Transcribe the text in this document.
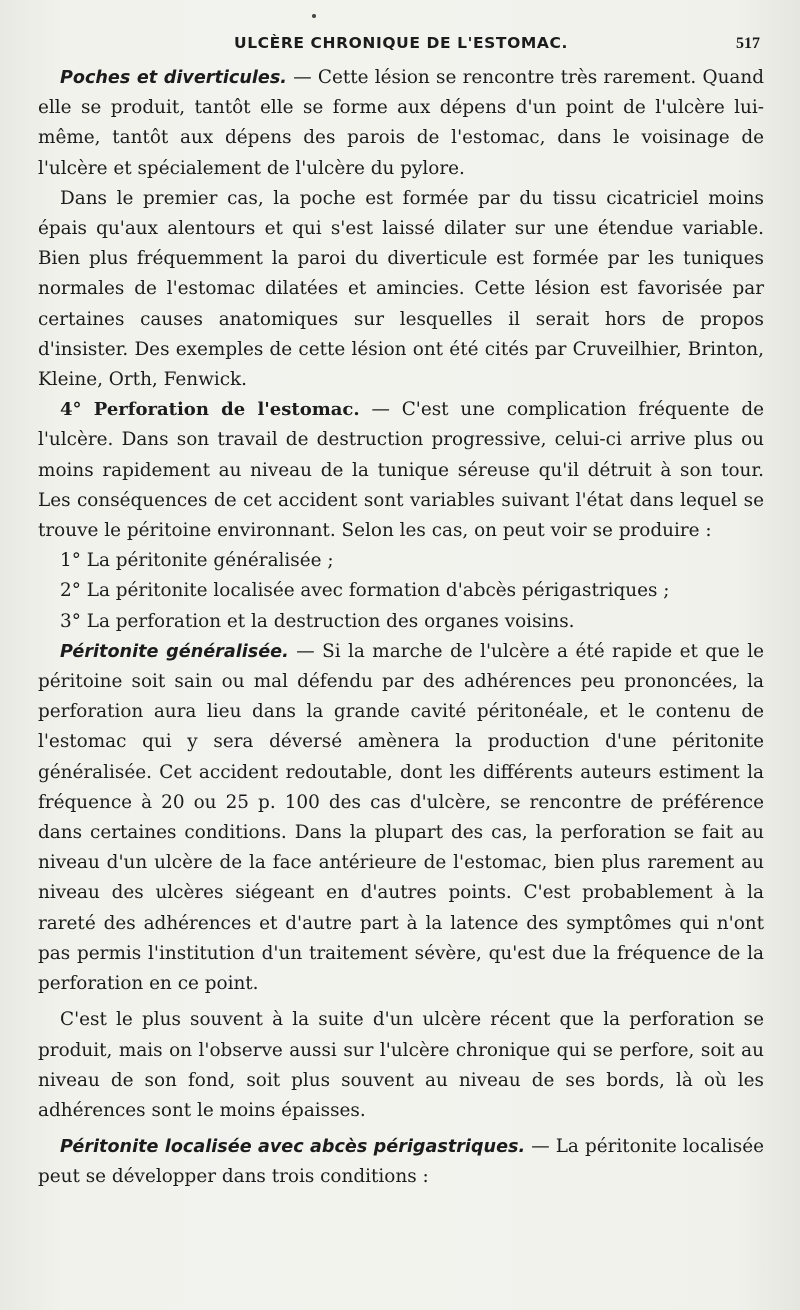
ULCÈRE CHRONIQUE DE L'ESTOMAC.	517

Poches et diverticules. — Cette lésion se rencontre très rarement. Quand elle se produit, tantôt elle se forme aux dépens d'un point de l'ulcère lui-même, tantôt aux dépens des parois de l'estomac, dans le voisinage de l'ulcère et spécialement de l'ulcère du pylore.

Dans le premier cas, la poche est formée par du tissu cicatriciel moins épais qu'aux alentours et qui s'est laissé dilater sur une étendue variable. Bien plus fréquemment la paroi du diverticule est formée par les tuniques normales de l'estomac dilatées et amincies. Cette lésion est favorisée par certaines causes anatomiques sur lesquelles il serait hors de propos d'insister. Des exemples de cette lésion ont été cités par Cruveilhier, Brinton, Kleine, Orth, Fenwick.

4° Perforation de l'estomac. — C'est une complication fréquente de l'ulcère. Dans son travail de destruction progressive, celui-ci arrive plus ou moins rapidement au niveau de la tunique séreuse qu'il détruit à son tour. Les conséquences de cet accident sont variables suivant l'état dans lequel se trouve le péritoine environnant. Selon les cas, on peut voir se produire :

1° La péritonite généralisée ;

2° La péritonite localisée avec formation d'abcès périgastriques ;

3° La perforation et la destruction des organes voisins.

Péritonite généralisée. — Si la marche de l'ulcère a été rapide et que le péritoine soit sain ou mal défendu par des adhérences peu prononcées, la perforation aura lieu dans la grande cavité péritonéale, et le contenu de l'estomac qui y sera déversé amènera la production d'une péritonite généralisée. Cet accident redoutable, dont les différents auteurs estiment la fréquence à 20 ou 25 p. 100 des cas d'ulcère, se rencontre de préférence dans certaines conditions. Dans la plupart des cas, la perforation se fait au niveau d'un ulcère de la face antérieure de l'estomac, bien plus rarement au niveau des ulcères siégeant en d'autres points. C'est probablement à la rareté des adhérences et d'autre part à la latence des symptômes qui n'ont pas permis l'institution d'un traitement sévère, qu'est due la fréquence de la perforation en ce point.

C'est le plus souvent à la suite d'un ulcère récent que la perforation se produit, mais on l'observe aussi sur l'ulcère chronique qui se perfore, soit au niveau de son fond, soit plus souvent au niveau de ses bords, là où les adhérences sont le moins épaisses.

Péritonite localisée avec abcès périgastriques. — La péritonite localisée peut se développer dans trois conditions :
